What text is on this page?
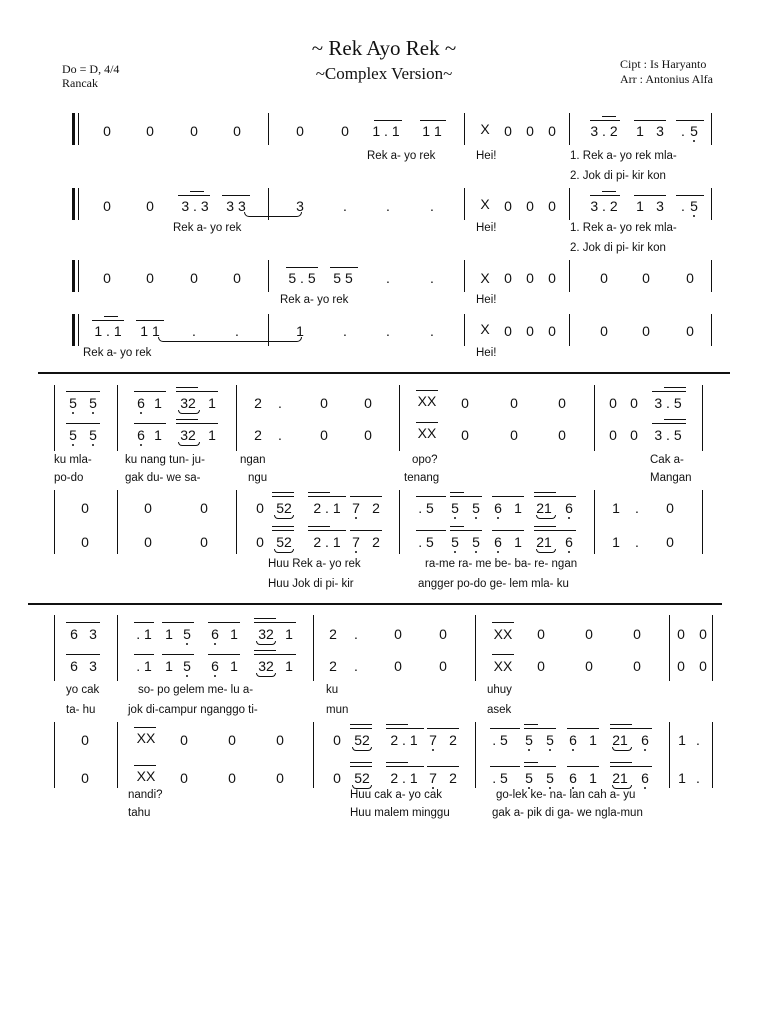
~ Rek Ayo Rek ~
~Complex Version~
Do = D, 4/4
Rancak
Cipt : Is Haryanto
Arr : Antonius Alfa
0	0	0	0	0	0	1 . 1	1 1	X	0	0	0	3 . 2	1 3	. 5
Rek a- yo rek	Hei!	1. Rek a- yo rek mla-
2. Jok di pi- kir kon
0	0	3 . 3	3 3	3	.	.	.	X	0	0	0	3 . 2	1 3	. 5
Rek a- yo rek	Hei!	1. Rek a- yo rek mla-
2. Jok di pi- kir kon
0	0	0	0	5 . 5	5 5	.	.	X	0	0	0	0	0	0
Rek a- yo rek	Hei!
1 . 1	1 1	.	.	1	.	.	.	X	0	0	0	0	0	0
Rek a- yo rek	Hei!
5 5	6 1	32 1	2	.	0	0	XX	0	0	0	0 0	3 . 5
5 5	6 1	32 1	2	.	0	0	XX	0	0	0	0 0	3 . 5
ku mla-	ku nang tun- ju-	ngan	opo?	Cak a-
po-do	gak du- we sa-	ngu	tenang	Mangan
0	0	0	0 52	2 . 1 7 2	. 5	5 5	6 1	21 6	1	.	0
0	0	0	0 52	2 . 1 7 2	. 5	5 5	6 1	21 6	1	.	0
Huu Rek a- yo rek	ra-me ra- me be- ba- re- ngan
Huu Jok di pi- kir	angger po-do ge- lem mla- ku
6 3	. 1 1 5	6 1	32 1	2	.	0	0	XX	0	0	0	0	0
6 3	. 1 1 5	6 1	32 1	2	.	0	0	XX	0	0	0	0	0
yo cak	so- po gelem me- lu a-	ku	uhuy
ta- hu	jok di-campur nganggo ti-	mun	asek
0	XX	0	0	0	0 52	2 . 1 7 2	. 5	5 5	6 1	21 6	1 .
0	XX	0	0	0	0 52	2 . 1 7 2	. 5	5 5	6 1	21 6	1 .
nandi?	Huu cak a- yo cak	go-lek ke- na- lan cah a- yu
tahu	Huu malem minggu	gak a- pik di ga- we ngla-mun
